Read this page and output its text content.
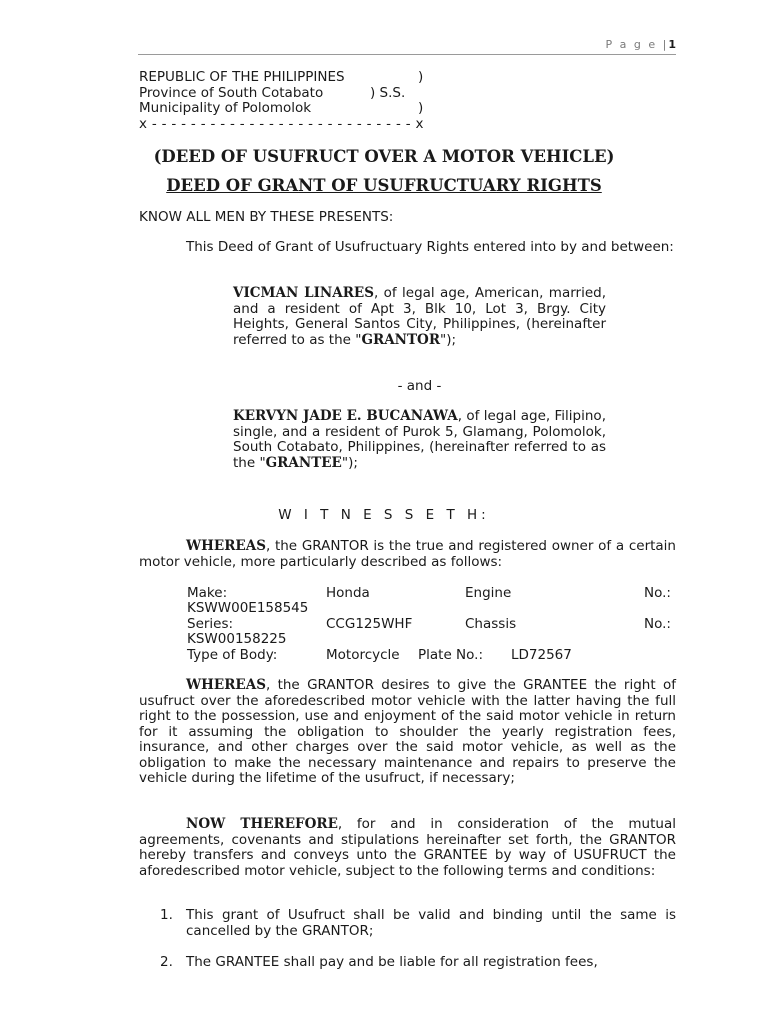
P a g e |1
REPUBLIC OF THE PHILIPPINES	)
Province of South Cotabato	) S.S.
Municipality of Polomolok	)
x - - - - - - - - - - - - - - - - - - - - - - - - - - - x
(DEED OF USUFRUCT OVER A MOTOR VEHICLE)
DEED OF GRANT OF USUFRUCTUARY RIGHTS
KNOW ALL MEN BY THESE PRESENTS:
This Deed of Grant of Usufructuary Rights entered into by and between:
VICMAN LINARES, of legal age, American, married, and a resident of Apt 3, Blk 10, Lot 3, Brgy. City Heights, General Santos City, Philippines, (hereinafter referred to as the "GRANTOR");
- and -
KERVYN JADE E. BUCANAWA, of legal age, Filipino, single, and a resident of Purok 5, Glamang, Polomolok, South Cotabato, Philippines, (hereinafter referred to as the "GRANTEE");
W I T N E S S E T H:
WHEREAS, the GRANTOR is the true and registered owner of a certain motor vehicle, more particularly described as follows:
Make:	Honda	Engine	No.:
KSWW00E158545
Series:	CCG125WHF	Chassis	No.:
KSW00158225
Type of Body:	Motorcycle Plate No.: LD72567
WHEREAS, the GRANTOR desires to give the GRANTEE the right of usufruct over the aforedescribed motor vehicle with the latter having the full right to the possession, use and enjoyment of the said motor vehicle in return for it assuming the obligation to shoulder the yearly registration fees, insurance, and other charges over the said motor vehicle, as well as the obligation to make the necessary maintenance and repairs to preserve the vehicle during the lifetime of the usufruct, if necessary;
NOW THEREFORE, for and in consideration of the mutual agreements, covenants and stipulations hereinafter set forth, the GRANTOR hereby transfers and conveys unto the GRANTEE by way of USUFRUCT the aforedescribed motor vehicle, subject to the following terms and conditions:
1. This grant of Usufruct shall be valid and binding until the same is cancelled by the GRANTOR;
2. The GRANTEE shall pay and be liable for all registration fees,
